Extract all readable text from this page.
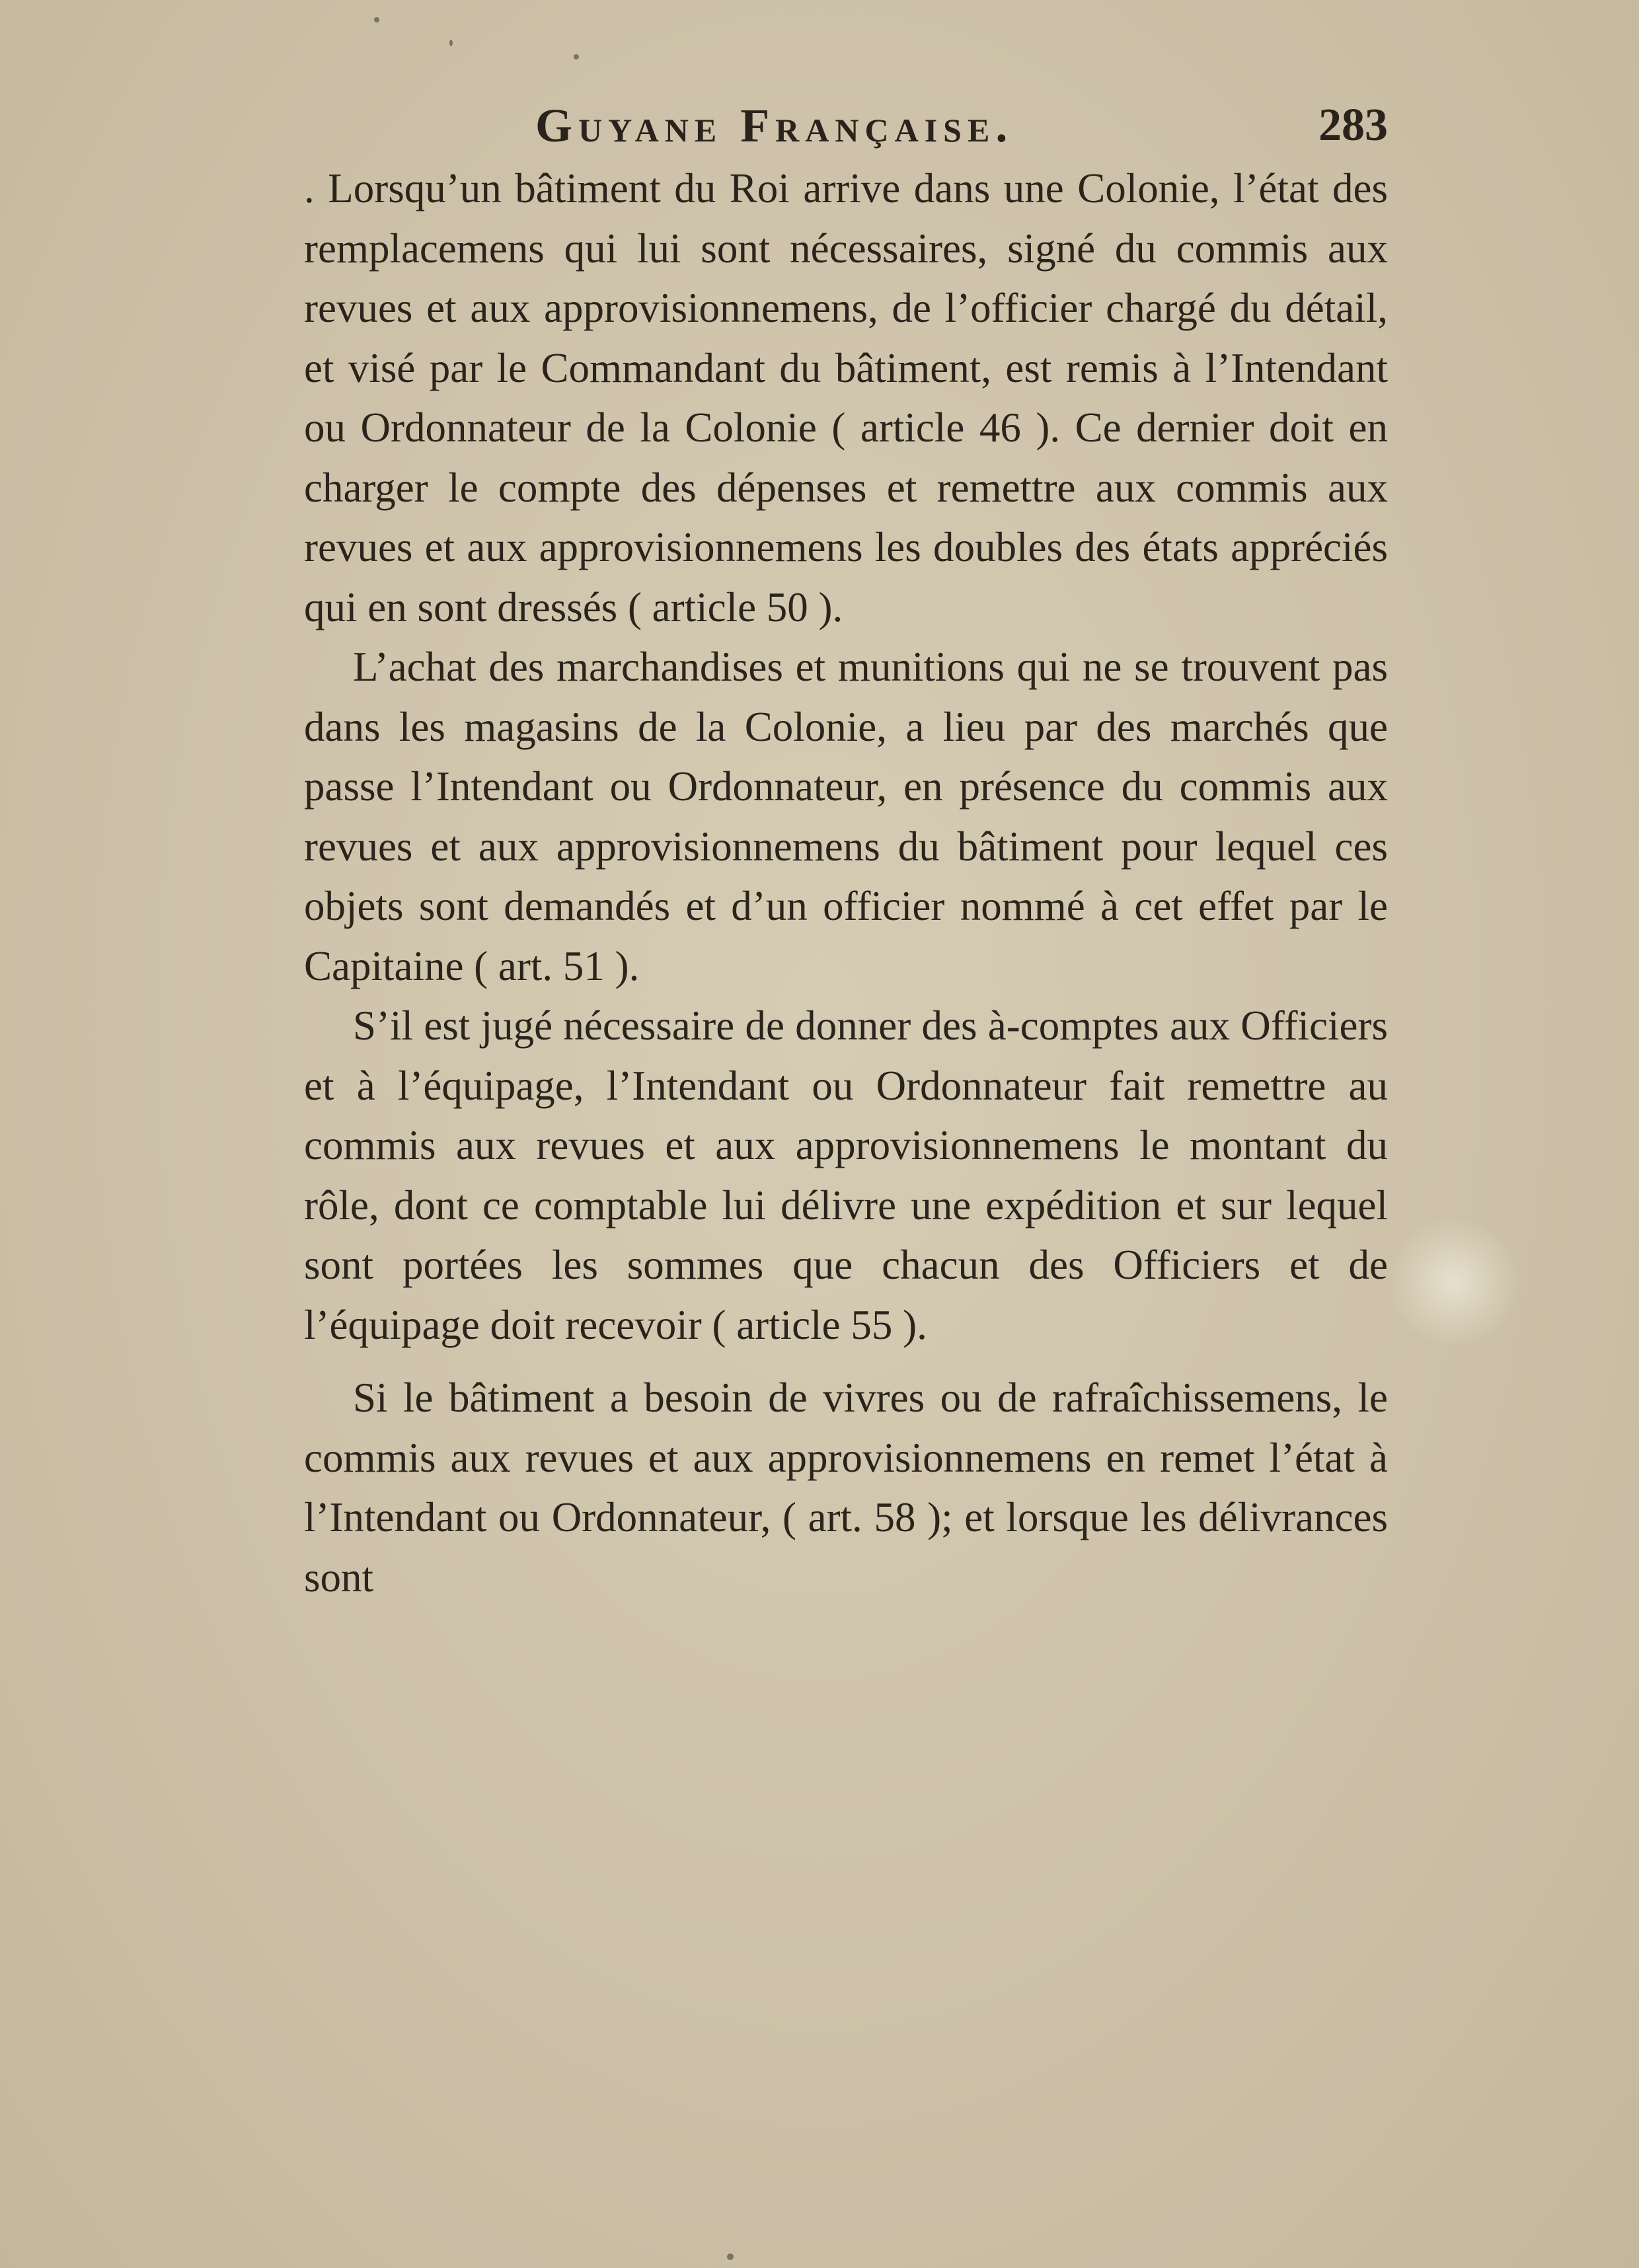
Guyane Française.	283

. Lorsqu’un bâtiment du Roi arrive dans une Colonie, l’état des remplacemens qui lui sont nécessaires, signé du commis aux revues et aux approvisionnemens, de l’officier chargé du détail, et visé par le Commandant du bâtiment, est remis à l’Intendant ou Ordonnateur de la Colonie ( article 46 ). Ce dernier doit en charger le compte des dépenses et remettre aux commis aux revues et aux approvisionnemens les doubles des états appréciés qui en sont dressés ( article 50 ).

L’achat des marchandises et munitions qui ne se trouvent pas dans les magasins de la Colonie, a lieu par des marchés que passe l’Intendant ou Ordonnateur, en présence du commis aux revues et aux approvisionnemens du bâtiment pour lequel ces objets sont demandés et d’un officier nommé à cet effet par le Capitaine ( art. 51 ).

S’il est jugé nécessaire de donner des à-comptes aux Officiers et à l’équipage, l’Intendant ou Ordonnateur fait remettre au commis aux revues et aux approvisionnemens le montant du rôle, dont ce comptable lui délivre une expédition et sur lequel sont portées les sommes que chacun des Officiers et de l’équipage doit recevoir ( article 55 ).

Si le bâtiment a besoin de vivres ou de rafraîchissemens, le commis aux revues et aux approvisionnemens en remet l’état à l’Intendant ou Ordonnateur, ( art. 58 ); et lorsque les délivrances sont
